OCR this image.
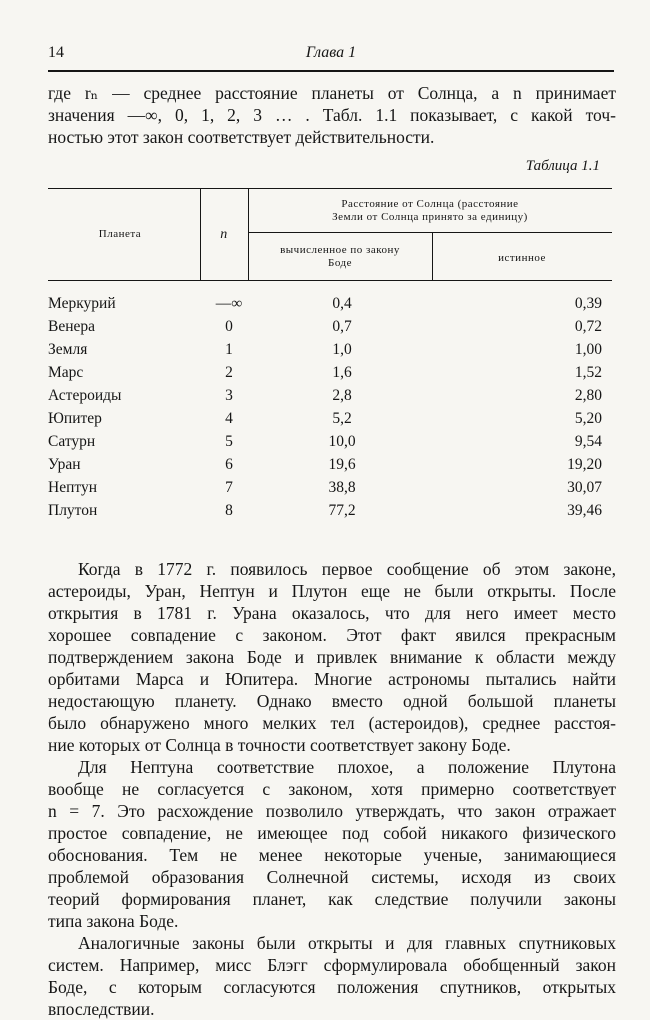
14	Глава 1
где rₙ — среднее расстояние планеты от Солнца, а n принимает
значения —∞, 0, 1, 2, 3 … . Табл. 1.1 показывает, с какой точ-
ностью этот закон соответствует действительности.
Таблица 1.1
Планета	n
Расстояние от Солнца (расстояние
Земли от Солнца принято за единицу)
вычисленное по закону
Боде	истинное
Меркурий	—∞	0,4	0,39
Венера	0	0,7	0,72
Земля	1	1,0	1,00
Марс	2	1,6	1,52
Астероиды	3	2,8	2,80
Юпитер	4	5,2	5,20
Сатурн	5	10,0	9,54
Уран	6	19,6	19,20
Нептун	7	38,8	30,07
Плутон	8	77,2	39,46
Когда в 1772 г. появилось первое сообщение об этом законе,
астероиды, Уран, Нептун и Плутон еще не были открыты. После
открытия в 1781 г. Урана оказалось, что для него имеет место
хорошее совпадение с законом. Этот факт явился прекрасным
подтверждением закона Боде и привлек внимание к области между
орбитами Марса и Юпитера. Многие астрономы пытались найти
недостающую планету. Однако вместо одной большой планеты
было обнаружено много мелких тел (астероидов), среднее расстоя-
ние которых от Солнца в точности соответствует закону Боде.
Для Нептуна соответствие плохое, а положение Плутона
вообще не согласуется с законом, хотя примерно соответствует
n = 7. Это расхождение позволило утверждать, что закон отражает
простое совпадение, не имеющее под собой никакого физического
обоснования. Тем не менее некоторые ученые, занимающиеся
проблемой образования Солнечной системы, исходя из своих
теорий формирования планет, как следствие получили законы
типа закона Боде.
Аналогичные законы были открыты и для главных спутниковых
систем. Например, мисс Блэгг сформулировала обобщенный закон
Боде, с которым согласуются положения спутников, открытых
впоследствии.
